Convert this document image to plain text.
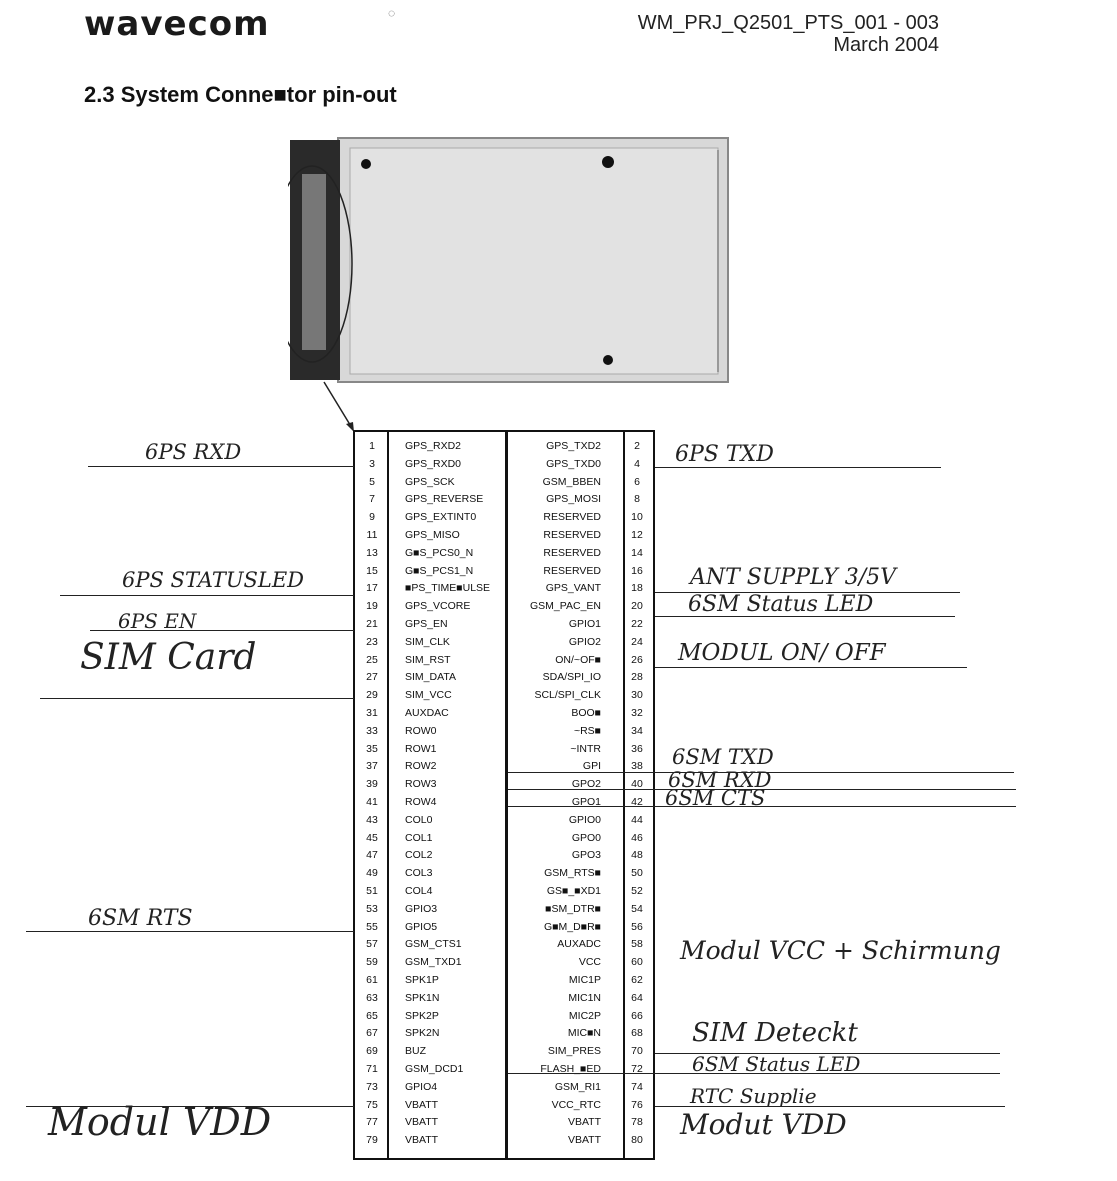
wavecom	◌	WM_PRJ_Q2501_PTS_001 - 003
March 2004
2.3 System Conne■tor pin-out
1	GPS_RXD2	GPS_TXD2	2
3	GPS_RXD0	GPS_TXD0	4
5	GPS_SCK	GSM_BBEN	6
7	GPS_REVERSE	GPS_MOSI	8
9	GPS_EXTINT0	RESERVED	10
11	GPS_MISO	RESERVED	12
13	G■S_PCS0_N	RESERVED	14
15	G■S_PCS1_N	RESERVED	16
17	■PS_TIME■ULSE	GPS_VANT	18
19	GPS_VCORE	GSM_PAC_EN	20
21	GPS_EN	GPIO1	22
23	SIM_CLK	GPIO2	24
25	SIM_RST	ON/~OF■	26
27	SIM_DATA	SDA/SPI_IO	28
29	SIM_VCC	SCL/SPI_CLK	30
31	AUXDAC	BOO■	32
33	ROW0	~RS■	34
35	ROW1	~INTR	36
37	ROW2	GPI	38
39	ROW3	GPO2	40
41	ROW4	GPO1	42
43	COL0	GPIO0	44
45	COL1	GPO0	46
47	COL2	GPO3	48
49	COL3	GSM_RTS■	50
51	COL4	GS■_■XD1	52
53	GPIO3	■SM_DTR■	54
55	GPIO5	G■M_D■R■	56
57	GSM_CTS1	AUXADC	58
59	GSM_TXD1	VCC	60
61	SPK1P	MIC1P	62
63	SPK1N	MIC1N	64
65	SPK2P	MIC2P	66
67	SPK2N	MIC■N	68
69	BUZ	SIM_PRES	70
71	GSM_DCD1	FLASH_■ED	72
73	GPIO4	GSM_RI1	74
75	VBATT	VCC_RTC	76
77	VBATT	VBATT	78
79	VBATT	VBATT	80
6PS RXD	6PS TXD
6PS STATUSLED	ANT SUPPLY 3/5V
6PS EN
6SM Status LED
SIM Card	MODUL ON/ OFF
6SM TXD
6SM RXD
6SM CTS
6SM RTS
Modul VCC + Schirmung
SIM Deteckt
6SM Status LED
RTC Supplie
Modul VDD	Modut VDD
